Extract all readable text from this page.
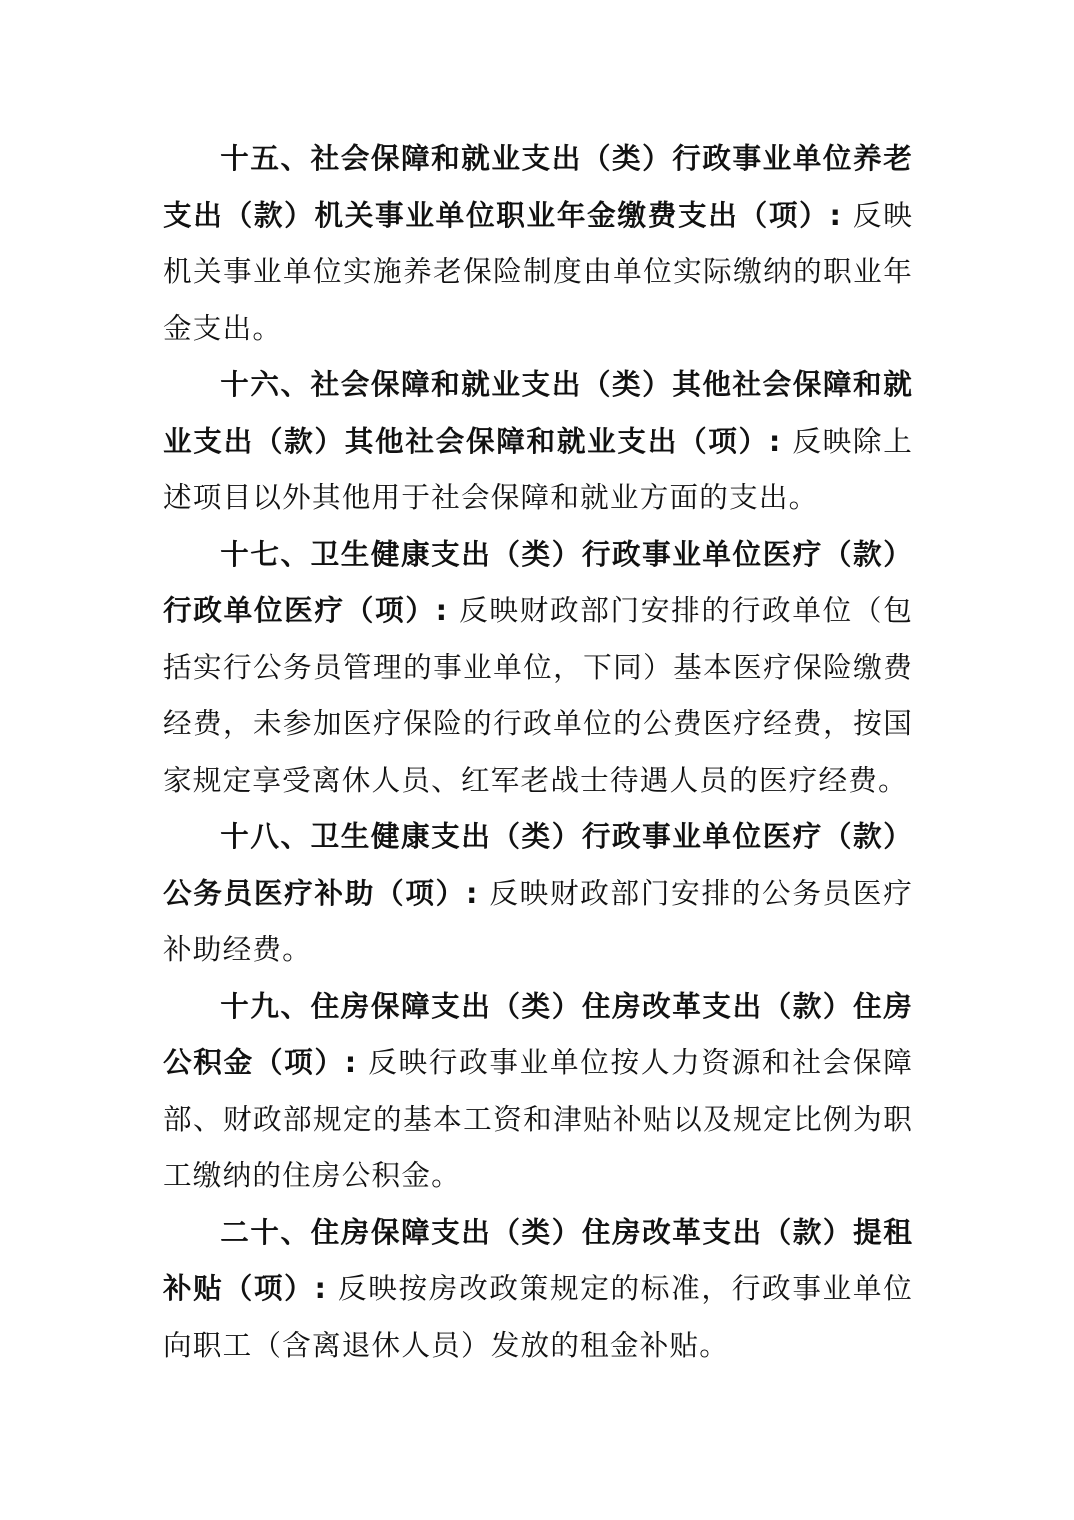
十五、社会保障和就业支出（类）行政事业单位养老支出（款）机关事业单位职业年金缴费支出（项）: 反映机关事业单位实施养老保险制度由单位实际缴纳的职业年金支出。

十六、社会保障和就业支出（类）其他社会保障和就业支出（款）其他社会保障和就业支出（项）: 反映除上述项目以外其他用于社会保障和就业方面的支出。

十七、卫生健康支出（类）行政事业单位医疗（款）行政单位医疗（项）: 反映财政部门安排的行政单位（包括实行公务员管理的事业单位，下同）基本医疗保险缴费经费，未参加医疗保险的行政单位的公费医疗经费，按国家规定享受离休人员、红军老战士待遇人员的医疗经费。

十八、卫生健康支出（类）行政事业单位医疗（款）公务员医疗补助（项）: 反映财政部门安排的公务员医疗补助经费。

十九、住房保障支出（类）住房改革支出（款）住房公积金（项）: 反映行政事业单位按人力资源和社会保障部、财政部规定的基本工资和津贴补贴以及规定比例为职工缴纳的住房公积金。

二十、住房保障支出（类）住房改革支出（款）提租补贴（项）: 反映按房改政策规定的标准，行政事业单位向职工（含离退休人员）发放的租金补贴。
